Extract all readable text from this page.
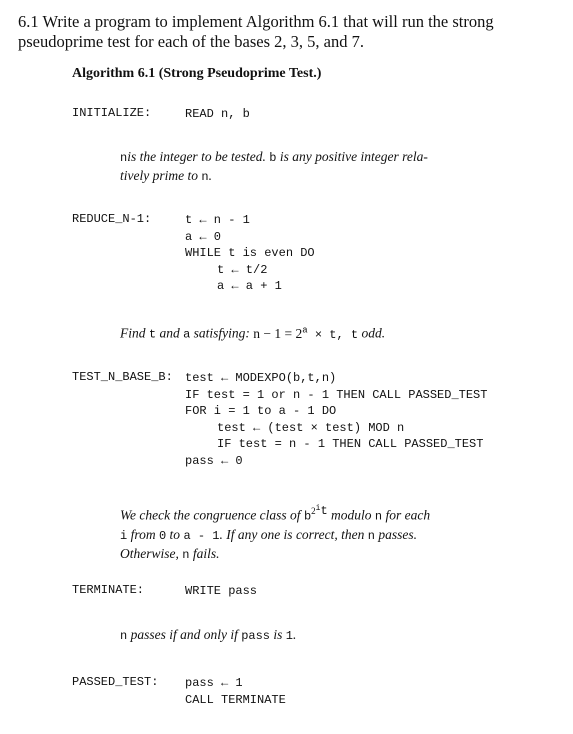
6.1 Write a program to implement Algorithm 6.1 that will run the strong
pseudoprime test for each of the bases 2, 3, 5, and 7.
Algorithm 6.1 (Strong Pseudoprime Test.)
INITIALIZE:	READ n, b
nis the integer to be tested. b is any positive integer rela-
tively prime to n.
REDUCE_N-1:	t ← n - 1
a ← 0
WHILE t is even DO
t ← t/2
a ← a + 1
Find t and a satisfying: $n - 1 = 2^a \times t$, t odd.
TEST_N_BASE_B: test ← MODEXPO(b,t,n)
IF test = 1 or n - 1 THEN CALL PASSED_TEST
FOR i = 1 to a - 1 DO
test ← (test × test) MOD n
IF test = n - 1 THEN CALL PASSED_TEST
pass ← 0
We check the congruence class of $b^{2^it}$ modulo n for each
i from 0 to a - 1. If any one is correct, then n passes.
Otherwise, n fails.
TERMINATE:	WRITE pass
n passes if and only if pass is 1.
PASSED_TEST: pass ← 1
CALL TERMINATE
